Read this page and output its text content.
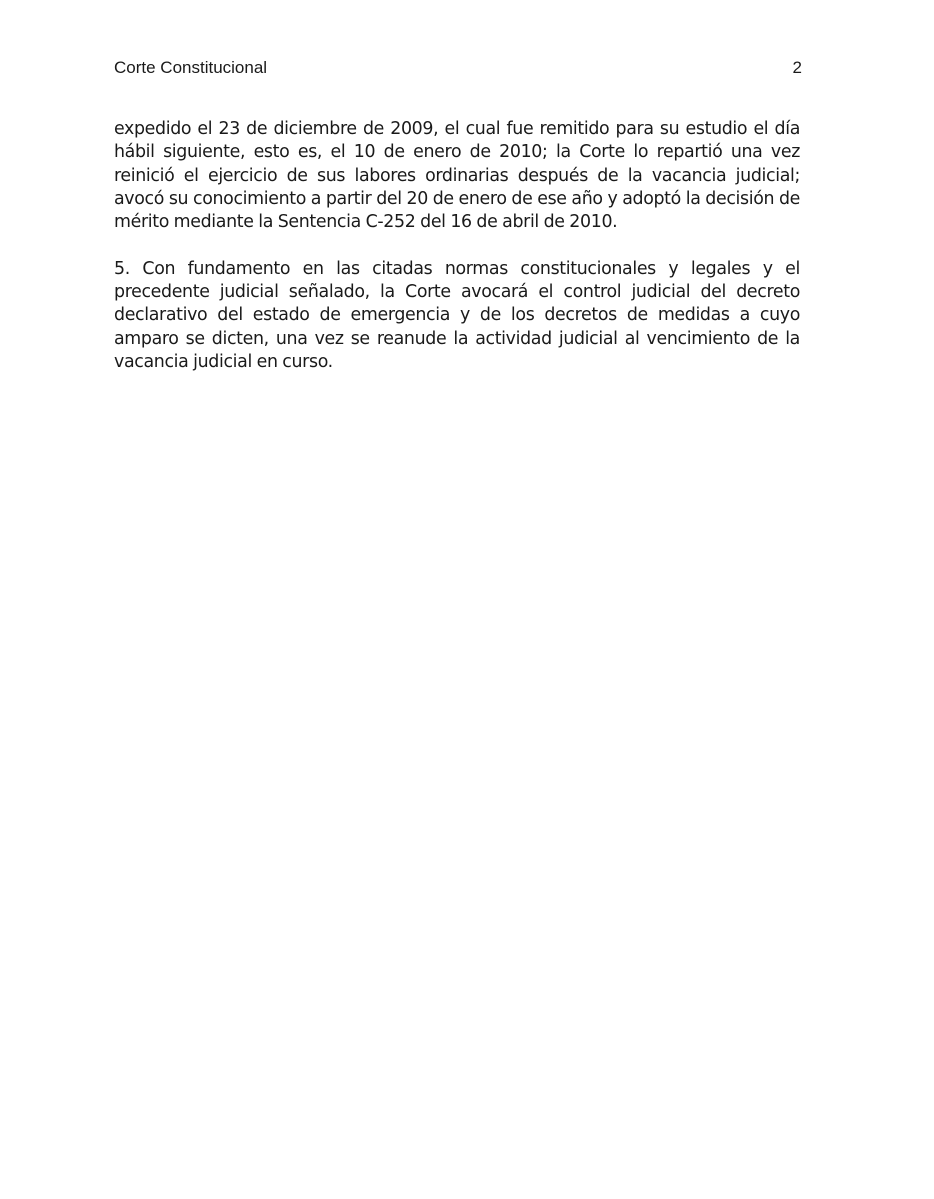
Corte Constitucional	2

expedido el 23 de diciembre de 2009, el cual fue remitido para su estudio el día hábil siguiente, esto es, el 10 de enero de 2010; la Corte lo repartió una vez reinició el ejercicio de sus labores ordinarias después de la vacancia judicial; avocó su conocimiento a partir del 20 de enero de ese año y adoptó la decisión de mérito mediante la Sentencia C-252 del 16 de abril de 2010.

5. Con fundamento en las citadas normas constitucionales y legales y el precedente judicial señalado, la Corte avocará el control judicial del decreto declarativo del estado de emergencia y de los decretos de medidas a cuyo amparo se dicten, una vez se reanude la actividad judicial al vencimiento de la vacancia judicial en curso.
